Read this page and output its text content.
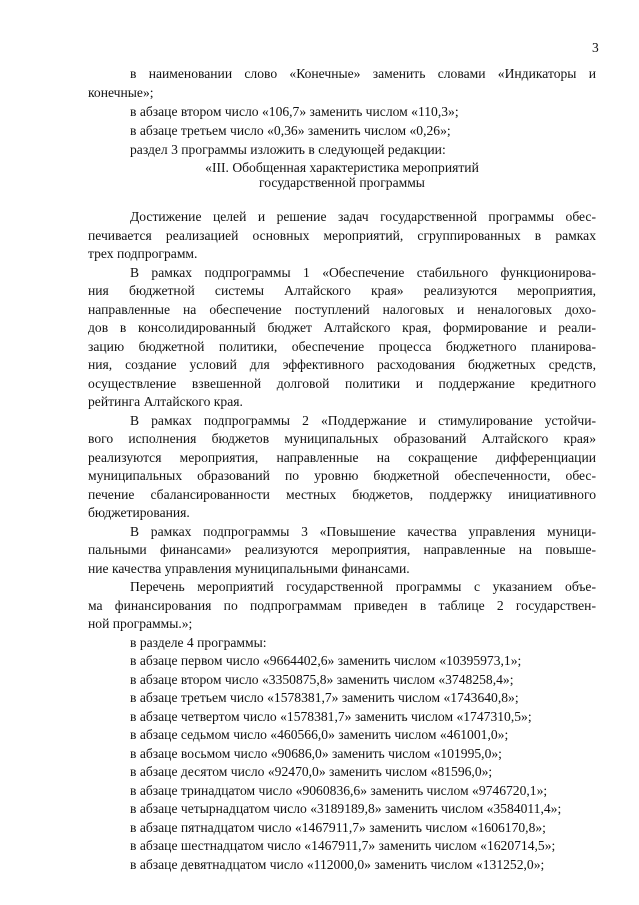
3
в наименовании слово «Конечные» заменить словами «Индикаторы и
конечные»;
в абзаце втором число «106,7» заменить числом «110,3»;
в абзаце третьем число «0,36» заменить числом «0,26»;
раздел 3 программы изложить в следующей редакции:
«III. Обобщенная характеристика мероприятий
государственной программы
Достижение целей и решение задач государственной программы обес-
печивается реализацией основных мероприятий, сгруппированных в рамках
трех подпрограмм.
В рамках подпрограммы 1 «Обеспечение стабильного функционирова-
ния бюджетной системы Алтайского края» реализуются мероприятия,
направленные на обеспечение поступлений налоговых и неналоговых дохо-
дов в консолидированный бюджет Алтайского края, формирование и реали-
зацию бюджетной политики, обеспечение процесса бюджетного планирова-
ния, создание условий для эффективного расходования бюджетных средств,
осуществление взвешенной долговой политики и поддержание кредитного
рейтинга Алтайского края.
В рамках подпрограммы 2 «Поддержание и стимулирование устойчи-
вого исполнения бюджетов муниципальных образований Алтайского края»
реализуются мероприятия, направленные на сокращение дифференциации
муниципальных образований по уровню бюджетной обеспеченности, обес-
печение сбалансированности местных бюджетов, поддержку инициативного
бюджетирования.
В рамках подпрограммы 3 «Повышение качества управления муници-
пальными финансами» реализуются мероприятия, направленные на повыше-
ние качества управления муниципальными финансами.
Перечень мероприятий государственной программы с указанием объе-
ма финансирования по подпрограммам приведен в таблице 2 государствен-
ной программы.»;
в разделе 4 программы:
в абзаце первом число «9664402,6» заменить числом «10395973,1»;
в абзаце втором число «3350875,8» заменить числом «3748258,4»;
в абзаце третьем число «1578381,7» заменить числом «1743640,8»;
в абзаце четвертом число «1578381,7» заменить числом «1747310,5»;
в абзаце седьмом число «460566,0» заменить числом «461001,0»;
в абзаце восьмом число «90686,0» заменить числом «101995,0»;
в абзаце десятом число «92470,0» заменить числом «81596,0»;
в абзаце тринадцатом число «9060836,6» заменить числом «9746720,1»;
в абзаце четырнадцатом число «3189189,8» заменить числом «3584011,4»;
в абзаце пятнадцатом число «1467911,7» заменить числом «1606170,8»;
в абзаце шестнадцатом число «1467911,7» заменить числом «1620714,5»;
в абзаце девятнадцатом число «112000,0» заменить числом «131252,0»;
